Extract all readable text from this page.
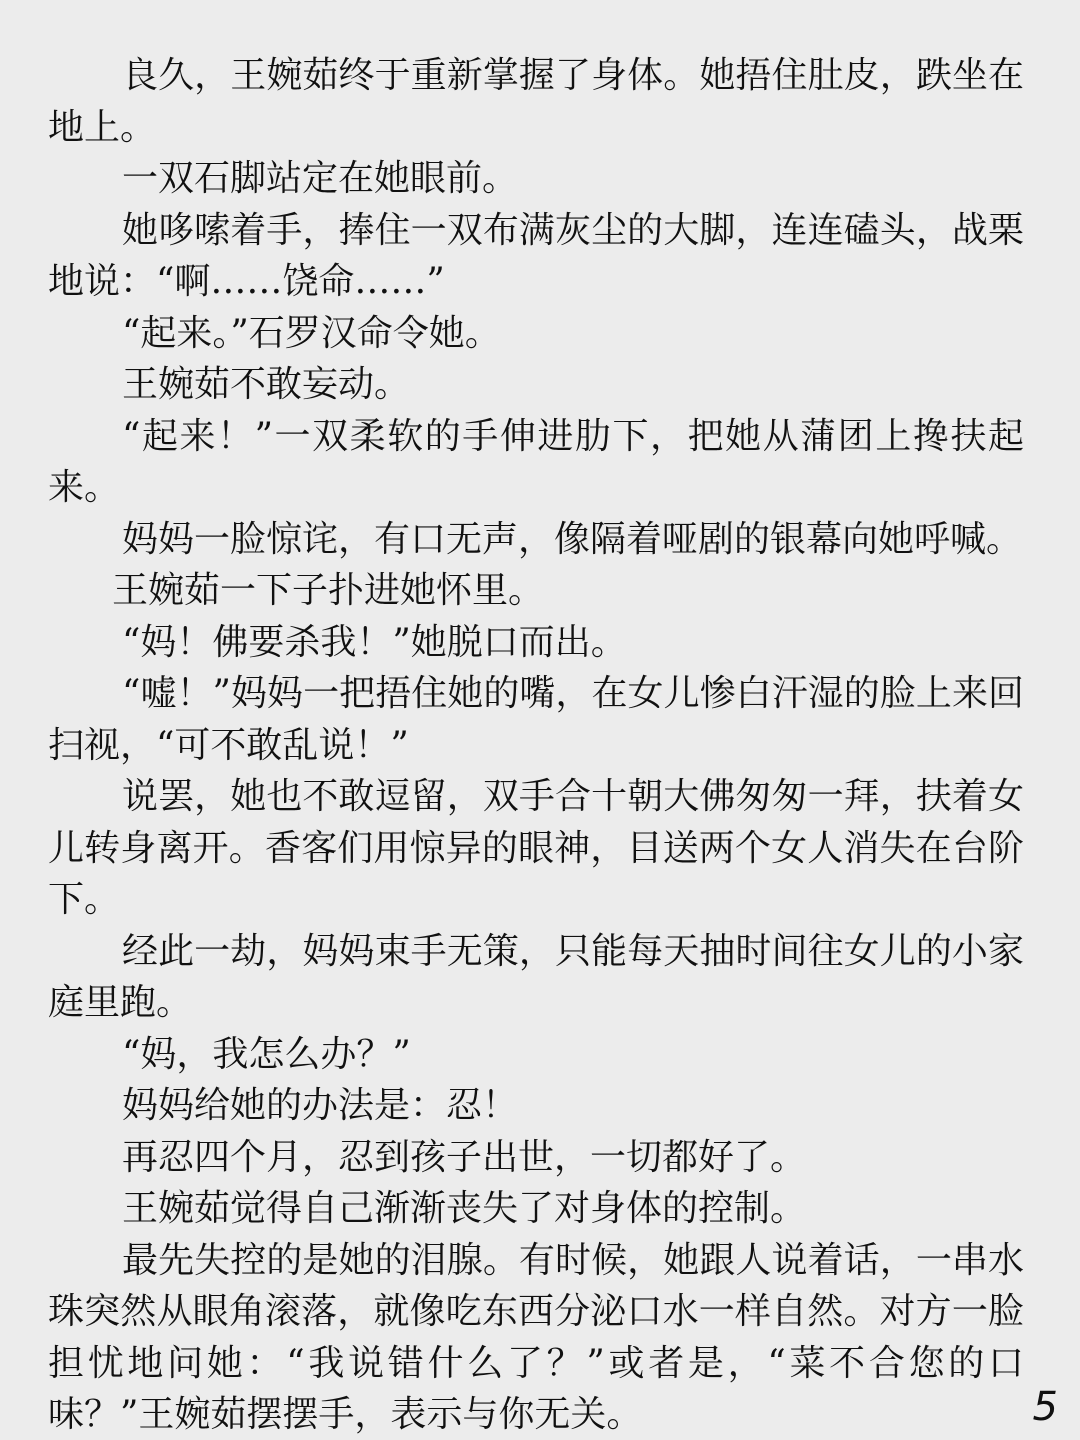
良久，王婉茹终于重新掌握了身体。她捂住肚皮，跌坐在地上。

一双石脚站定在她眼前。

她哆嗦着手，捧住一双布满灰尘的大脚，连连磕头，战栗地说：“啊……饶命……”

“起来。”石罗汉命令她。

王婉茹不敢妄动。

“起来！”一双柔软的手伸进肋下，把她从蒲团上搀扶起来。

妈妈一脸惊诧，有口无声，像隔着哑剧的银幕向她呼喊。

王婉茹一下子扑进她怀里。

“妈！佛要杀我！”她脱口而出。

“嘘！”妈妈一把捂住她的嘴，在女儿惨白汗湿的脸上来回扫视，“可不敢乱说！”

说罢，她也不敢逗留，双手合十朝大佛匆匆一拜，扶着女儿转身离开。香客们用惊异的眼神，目送两个女人消失在台阶下。

经此一劫，妈妈束手无策，只能每天抽时间往女儿的小家庭里跑。

“妈，我怎么办？”

妈妈给她的办法是：忍！

再忍四个月，忍到孩子出世，一切都好了。

王婉茹觉得自己渐渐丧失了对身体的控制。

最先失控的是她的泪腺。有时候，她跟人说着话，一串水珠突然从眼角滚落，就像吃东西分泌口水一样自然。对方一脸担忧地问她：“我说错什么了？”或者是，“菜不合您的口味？”王婉茹摆摆手，表示与你无关。	5
